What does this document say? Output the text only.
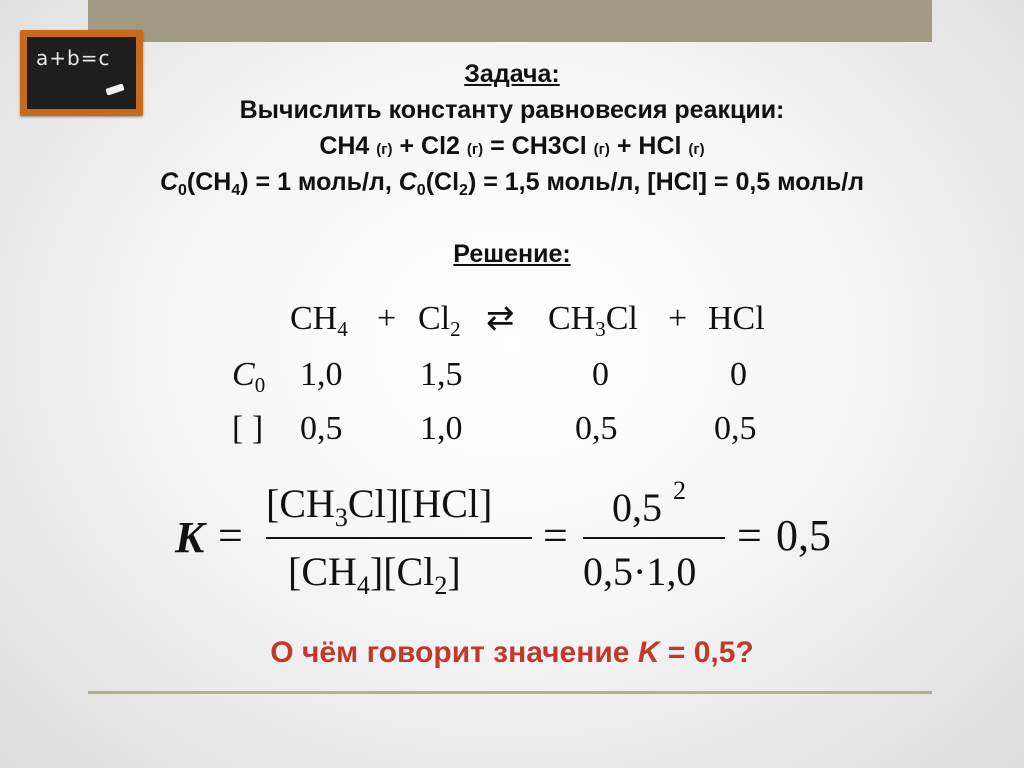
a+b=c
Задача:
Вычислить константу равновесия реакции:
CH4 (г) + Cl2 (г) = CH3Cl (г) + HCl (г)
$C_0(CH_4) = 1$ моль/л, $C_0(Cl_2) = 1,5$ моль/л, [HCl] = 0,5 моль/л
Решение:
$CH_4 + Cl_2$ ⇄ $CH_3Cl$ + HCl
$C_0$ 1,0 1,5	0	0
[ ] 0,5 1,0	0,5	0,5
K =
$[CH_3Cl][HCl]$
$[CH_4][Cl_2]$
=
0,5 2
0,5·1,0
= 0,5
О чём говорит значение K = 0,5?
